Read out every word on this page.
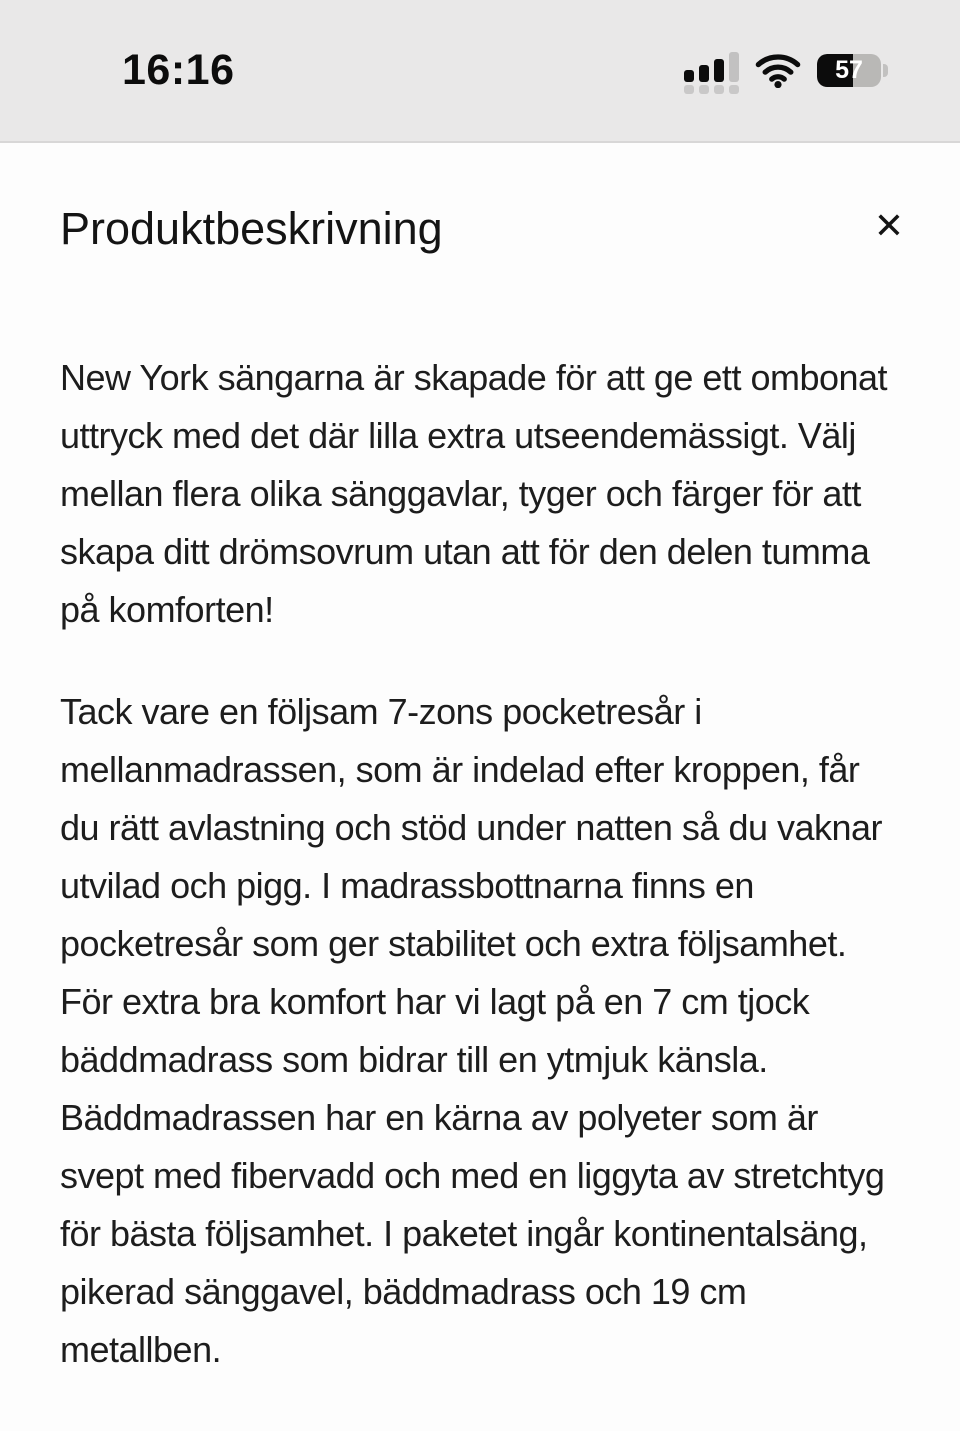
16:16	57
Produktbeskrivning	✕

New York sängarna är skapade för att ge ett ombonat uttryck med det där lilla extra utseendemässigt. Välj mellan flera olika sänggavlar, tyger och färger för att skapa ditt drömsovrum utan att för den delen tumma på komforten!

Tack vare en följsam 7-zons pocketresår i mellanmadrassen, som är indelad efter kroppen, får du rätt avlastning och stöd under natten så du vaknar utvilad och pigg. I madrassbottnarna finns en pocketresår som ger stabilitet och extra följsamhet. För extra bra komfort har vi lagt på en 7 cm tjock bäddmadrass som bidrar till en ytmjuk känsla. Bäddmadrassen har en kärna av polyeter som är svept med fibervadd och med en liggyta av stretchtyg för bästa följsamhet. I paketet ingår kontinentalsäng, pikerad sänggavel, bäddmadrass och 19 cm metallben.
